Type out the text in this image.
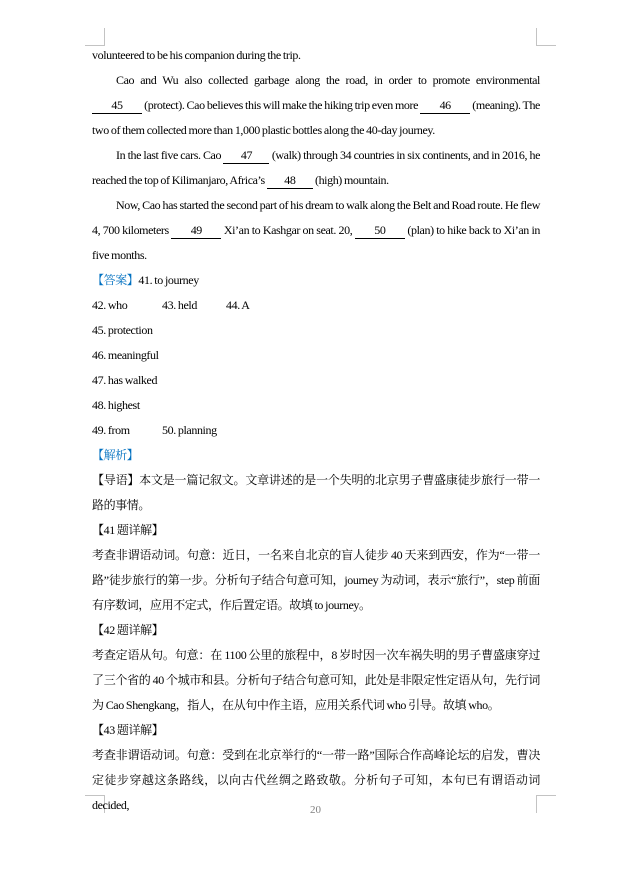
volunteered to be his companion during the trip.
Cao and Wu also collected garbage along the road, in order to promote environmental 45 (protect). Cao believes this will make the hiking trip even more 46 (meaning). The two of them collected more than 1,000 plastic bottles along the 40-day journey.
In the last five cars. Cao 47 (walk) through 34 countries in six continents, and in 2016, he reached the top of Kilimanjaro, Africa’s 48 (high) mountain.
Now, Cao has started the second part of his dream to walk along the Belt and Road route. He flew 4, 700 kilometers 49 Xi’an to Kashgar on seat. 20, 50 (plan) to hike back to Xi’an in five months.
【答案】41. to journey
42. who	43. held 44. A
45. protection
46. meaningful
47. has walked
48. highest
49. from	50. planning
【解析】
【导语】本文是一篇记叙文。文章讲述的是一个失明的北京男子曹盛康徒步旅行一带一路的事情。
【41 题详解】
考查非谓语动词。句意：近日，一名来自北京的盲人徒步 40 天来到西安，作为“一带一路”徒步旅行的第一步。分析句子结合句意可知，journey 为动词，表示“旅行”，step 前面有序数词，应用不定式，作后置定语。故填 to journey。
【42 题详解】
考查定语从句。句意：在 1100 公里的旅程中，8 岁时因一次车祸失明的男子曹盛康穿过了三个省的 40 个城市和县。分析句子结合句意可知，此处是非限定性定语从句，先行词为 Cao Shengkang，指人，在从句中作主语，应用关系代词 who 引导。故填 who。
【43 题详解】
考查非谓语动词。句意：受到在北京举行的“一带一路”国际合作高峰论坛的启发，曹决定徒步穿越这条路线，以向古代丝绸之路致敬。分析句子可知，本句已有谓语动词 decided,	20
